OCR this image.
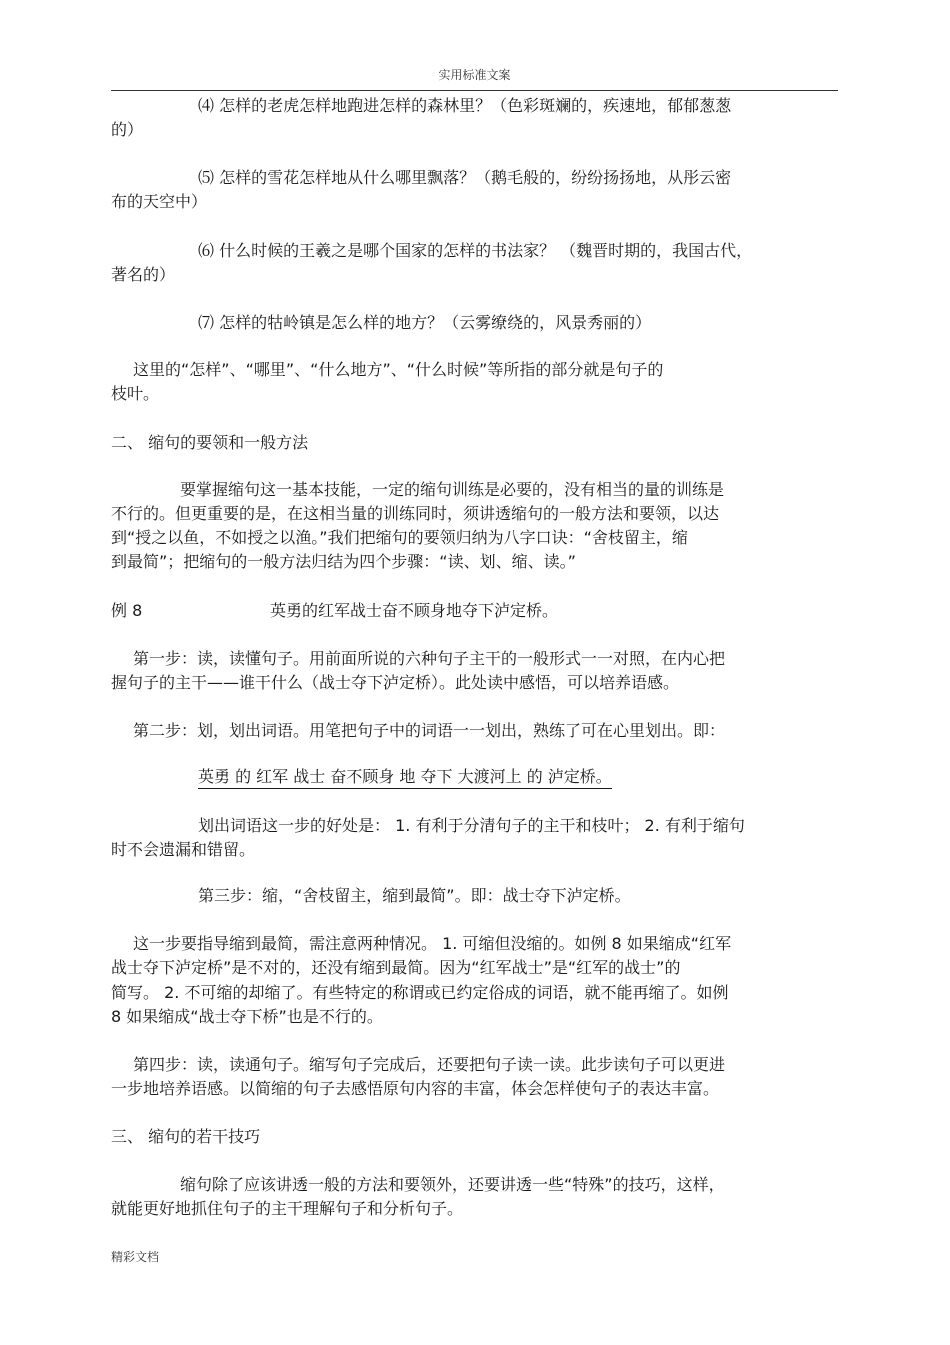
实用标准文案
⑷ 怎样的老虎怎样地跑进怎样的森林里？（色彩斑斓的，疾速地，郁郁葱葱
的）
⑸ 怎样的雪花怎样地从什么哪里飘落？（鹅毛般的，纷纷扬扬地，从彤云密
布的天空中）
⑹ 什么时候的王羲之是哪个国家的怎样的书法家？ （魏晋时期的，我国古代，
著名的）
⑺ 怎样的牯岭镇是怎么样的地方？（云雾缭绕的，风景秀丽的）
这里的“怎样”、“哪里”、“什么地方”、“什么时候”等所指的部分就是句子的
枝叶。
二、 缩句的要领和一般方法
要掌握缩句这一基本技能，一定的缩句训练是必要的，没有相当的量的训练是
不行的。但更重要的是，在这相当量的训练同时，须讲透缩句的一般方法和要领，以达
到“授之以鱼，不如授之以渔。”我们把缩句的要领归纳为八字口诀：“舍枝留主，缩
到最简”；把缩句的一般方法归结为四个步骤：“读、划、缩、读。”
例 8	英勇的红军战士奋不顾身地夺下泸定桥。
第一步：读，读懂句子。用前面所说的六种句子主干的一般形式一一对照，在内心把
握句子的主干——谁干什么（战士夺下泸定桥）。此处读中感悟，可以培养语感。
第二步：划，划出词语。用笔把句子中的词语一一划出，熟练了可在心里划出。即：
英勇 的 红军 战士 奋不顾身 地 夺下 大渡河上 的 泸定桥。
划出词语这一步的好处是： 1. 有利于分清句子的主干和枝叶； 2. 有利于缩句
时不会遗漏和错留。
第三步：缩，“舍枝留主，缩到最简”。即：战士夺下泸定桥。
这一步要指导缩到最简，需注意两种情况。 1. 可缩但没缩的。如例 8 如果缩成“红军
战士夺下泸定桥”是不对的，还没有缩到最简。因为“红军战士”是“红军的战士”的
简写。 2. 不可缩的却缩了。有些特定的称谓或已约定俗成的词语，就不能再缩了。如例
8 如果缩成“战士夺下桥”也是不行的。
第四步：读，读通句子。缩写句子完成后，还要把句子读一读。此步读句子可以更进
一步地培养语感。以简缩的句子去感悟原句内容的丰富，体会怎样使句子的表达丰富。
三、 缩句的若干技巧
缩句除了应该讲透一般的方法和要领外，还要讲透一些“特殊”的技巧，这样，
就能更好地抓住句子的主干理解句子和分析句子。
精彩文档
